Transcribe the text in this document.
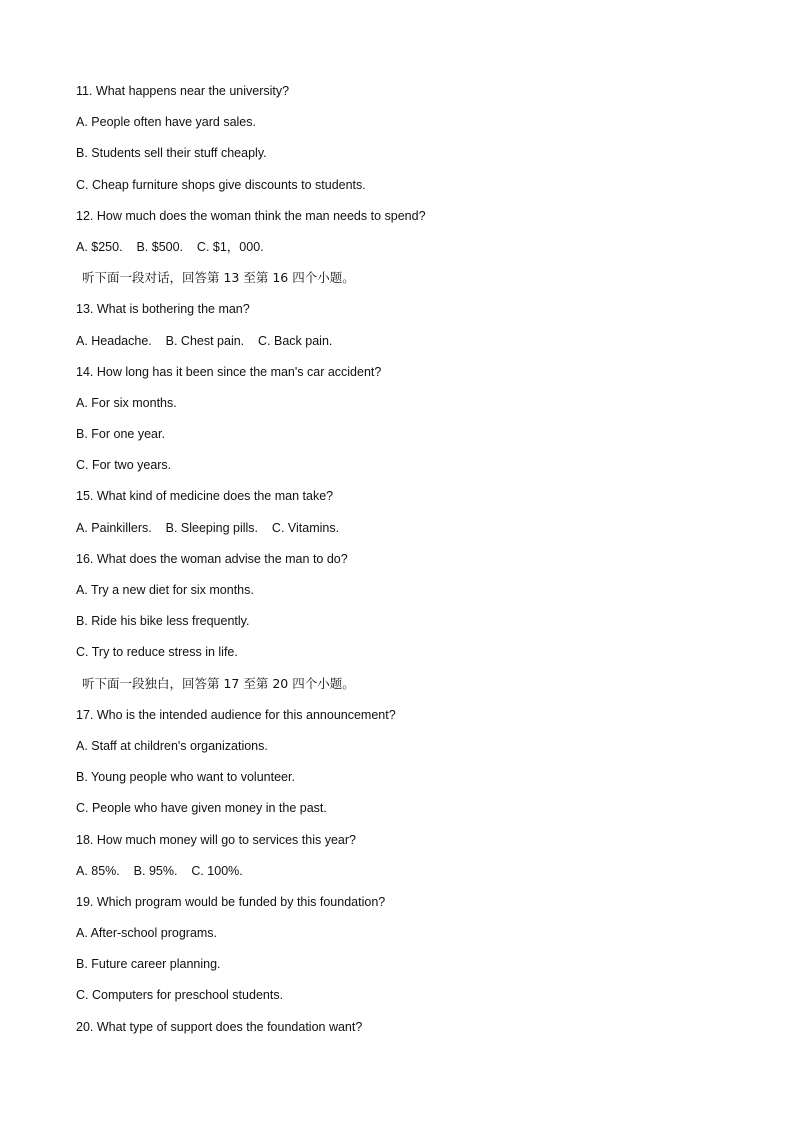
11. What happens near the university?
A. People often have yard sales.
B. Students sell their stuff cheaply.
C. Cheap furniture shops give discounts to students.
12. How much does the woman think the man needs to spend?
A. $250.    B. $500.    C. $1，000.
听下面一段对话，回答第 13 至第 16 四个小题。
13. What is bothering the man?
A. Headache.    B. Chest pain.    C. Back pain.
14. How long has it been since the man's car accident?
A. For six months.
B. For one year.
C. For two years.
15. What kind of medicine does the man take?
A. Painkillers.    B. Sleeping pills.    C. Vitamins.
16. What does the woman advise the man to do?
A. Try a new diet for six months.
B. Ride his bike less frequently.
C. Try to reduce stress in life.
听下面一段独白，回答第 17 至第 20 四个小题。
17. Who is the intended audience for this announcement?
A. Staff at children's organizations.
B. Young people who want to volunteer.
C. People who have given money in the past.
18. How much money will go to services this year?
A. 85%.    B. 95%.    C. 100%.
19. Which program would be funded by this foundation?
A. After-school programs.
B. Future career planning.
C. Computers for preschool students.
20. What type of support does the foundation want?
